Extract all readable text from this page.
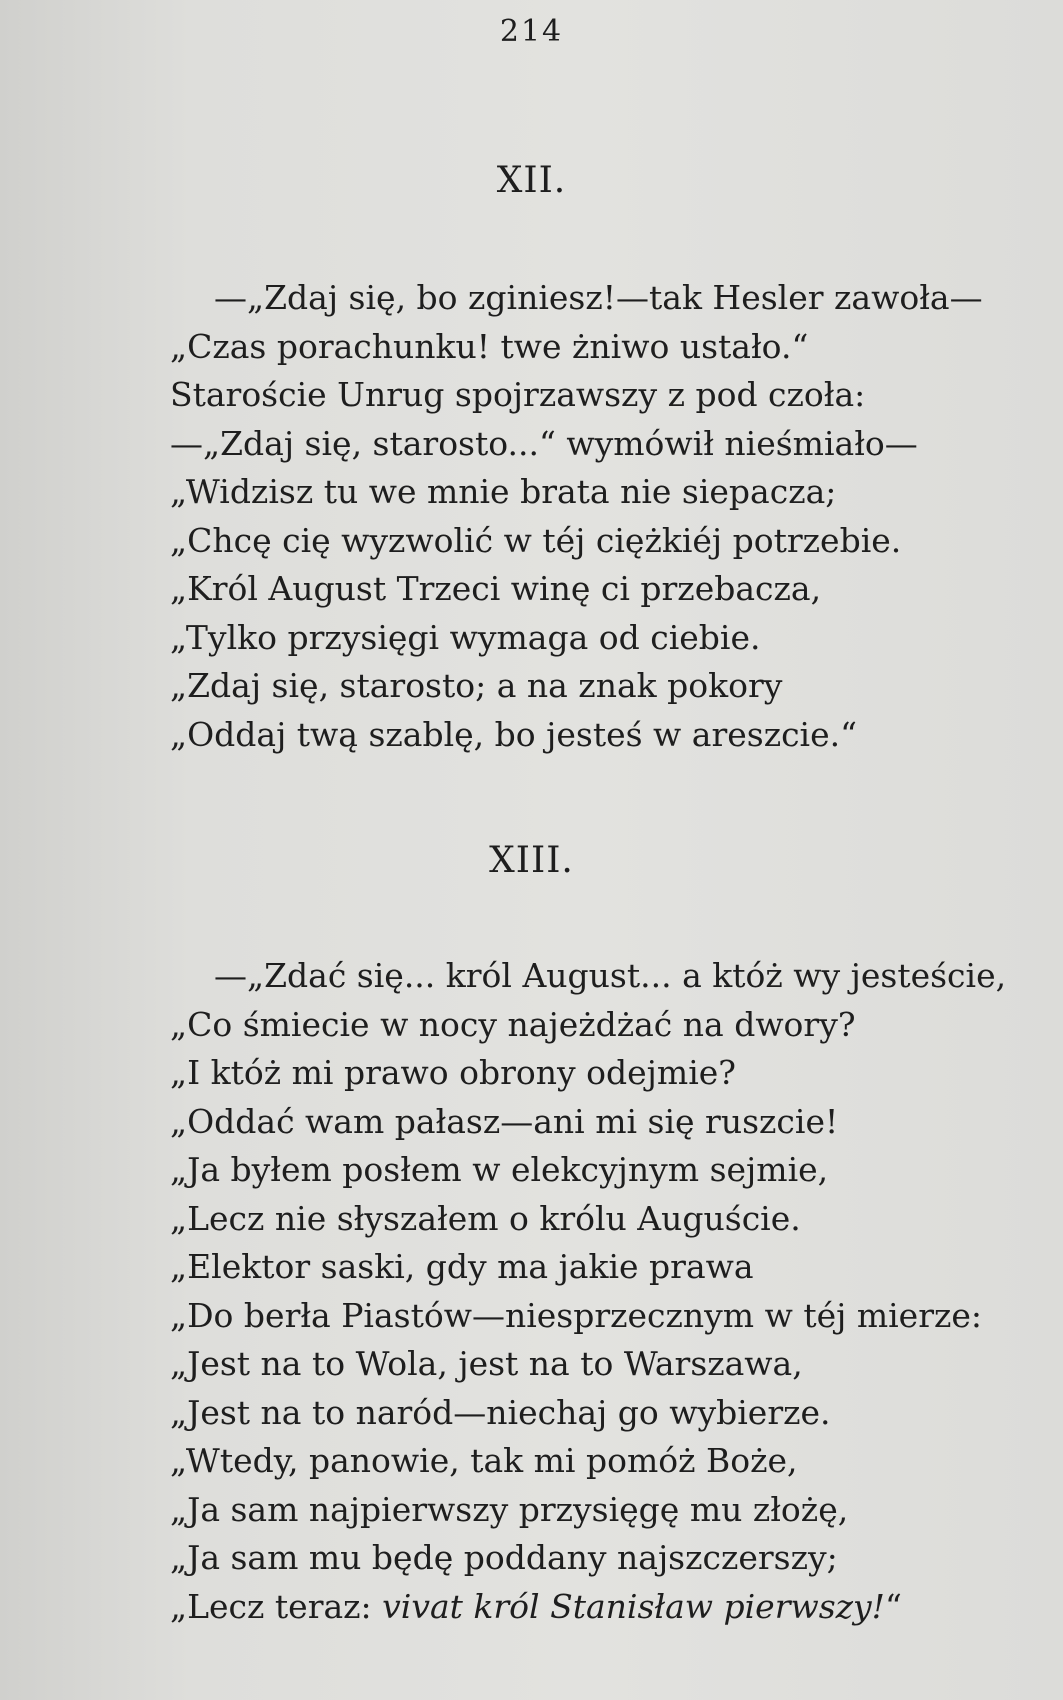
214
XII.
—„Zdaj się, bo zginiesz!—tak Hesler zawoła—
„Czas porachunku! twe żniwo ustało.“
Staroście Unrug spojrzawszy z pod czoła:
—„Zdaj się, starosto...“ wymówił nieśmiało—
„Widzisz tu we mnie brata nie siepacza;
„Chcę cię wyzwolić w téj ciężkiéj potrzebie.
„Król August Trzeci winę ci przebacza,
„Tylko przysięgi wymaga od ciebie.
„Zdaj się, starosto; a na znak pokory
„Oddaj twą szablę, bo jesteś w areszcie.“
XIII.
—„Zdać się... król August... a któż wy jesteście,
„Co śmiecie w nocy najeżdżać na dwory?
„I któż mi prawo obrony odejmie?
„Oddać wam pałasz—ani mi się ruszcie!
„Ja byłem posłem w elekcyjnym sejmie,
„Lecz nie słyszałem o królu Auguście.
„Elektor saski, gdy ma jakie prawa
„Do berła Piastów—niesprzecznym w téj mierze:
„Jest na to Wola, jest na to Warszawa,
„Jest na to naród—niechaj go wybierze.
„Wtedy, panowie, tak mi pomóż Boże,
„Ja sam najpierwszy przysięgę mu złożę,
„Ja sam mu będę poddany najszczerszy;
„Lecz teraz: vivat król Stanisław pierwszy!“
